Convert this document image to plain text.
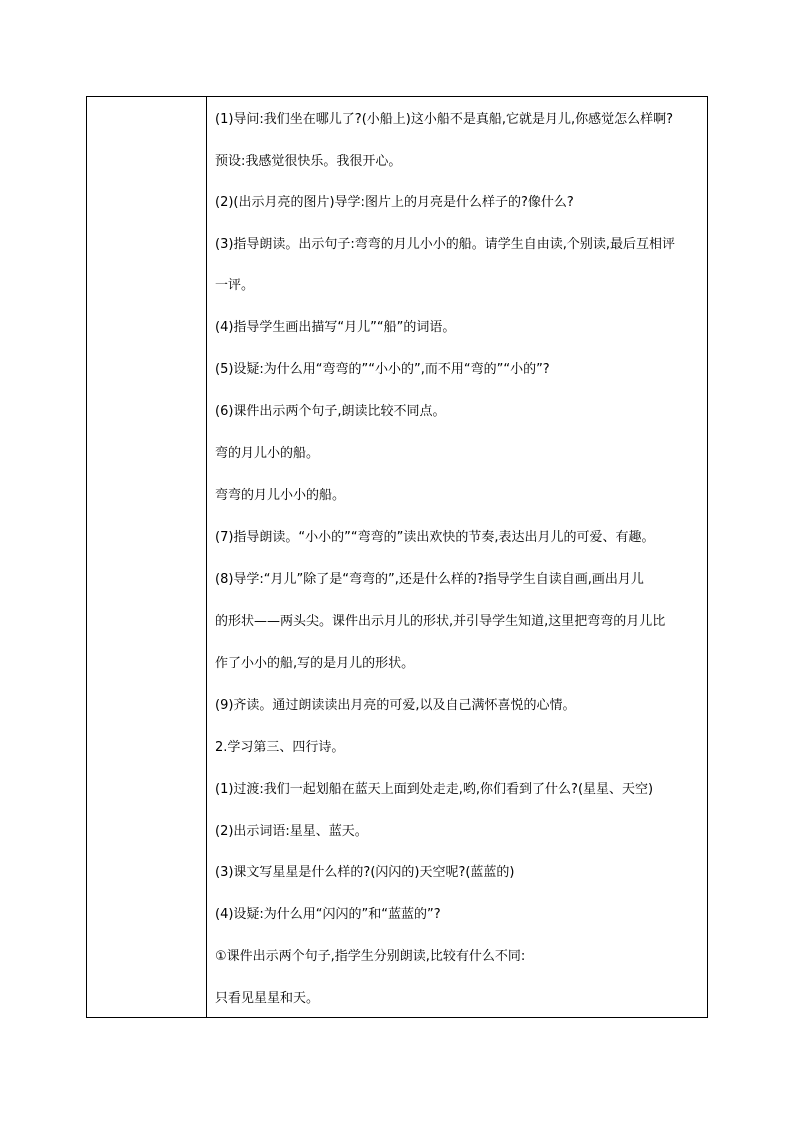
(1)导问:我们坐在哪儿了?(小船上)这小船不是真船,它就是月儿,你感觉怎么样啊?
预设:我感觉很快乐。我很开心。
(2)(出示月亮的图片)导学:图片上的月亮是什么样子的?像什么?
(3)指导朗读。出示句子:弯弯的月儿小小的船。请学生自由读,个别读,最后互相评
一评。
(4)指导学生画出描写“月儿”“船”的词语。
(5)设疑:为什么用“弯弯的”“小小的”,而不用“弯的”“小的”?
(6)课件出示两个句子,朗读比较不同点。
弯的月儿小的船。
弯弯的月儿小小的船。
(7)指导朗读。“小小的”“弯弯的”读出欢快的节奏,表达出月儿的可爱、有趣。
(8)导学:“月儿”除了是“弯弯的”,还是什么样的?指导学生自读自画,画出月儿
的形状——两头尖。课件出示月儿的形状,并引导学生知道,这里把弯弯的月儿比
作了小小的船,写的是月儿的形状。
(9)齐读。通过朗读读出月亮的可爱,以及自己满怀喜悦的心情。
2.学习第三、四行诗。
(1)过渡:我们一起划船在蓝天上面到处走走,哟,你们看到了什么?(星星、天空)
(2)出示词语:星星、蓝天。
(3)课文写星星是什么样的?(闪闪的)天空呢?(蓝蓝的)
(4)设疑:为什么用“闪闪的”和“蓝蓝的”?
①课件出示两个句子,指学生分别朗读,比较有什么不同:
只看见星星和天。
